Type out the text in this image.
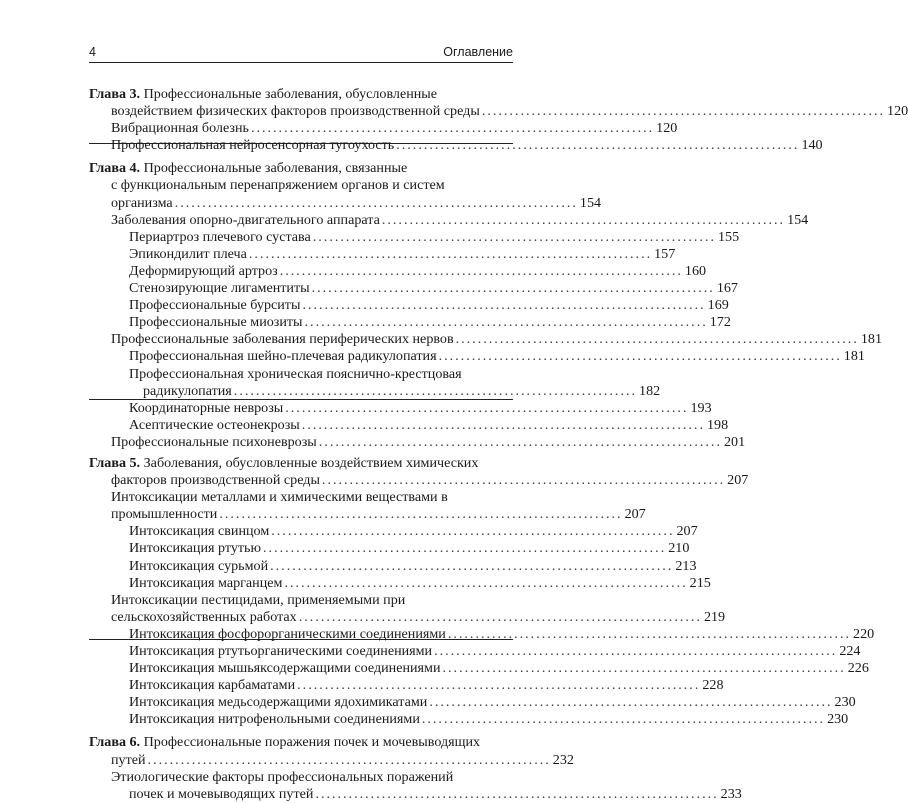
4	Оглавление
Глава 3. Профессиональные заболевания, обусловленные
воздействием физических факторов производственной среды ......................................................................... 120
Вибрационная болезнь ......................................................................... 120
Профессиональная нейросенсорная тугоухость ......................................................................... 140
Глава 4. Профессиональные заболевания, связанные
с функциональным перенапряжением органов и систем
организма ......................................................................... 154
Заболевания опорно-двигательного аппарата ......................................................................... 154
Периартроз плечевого сустава ......................................................................... 155
Эпикондилит плеча ......................................................................... 157
Деформирующий артроз ......................................................................... 160
Стенозирующие лигаментиты ......................................................................... 167
Профессиональные бурситы ......................................................................... 169
Профессиональные миозиты ......................................................................... 172
Профессиональные заболевания периферических нервов ......................................................................... 181
Профессиональная шейно-плечевая радикулопатия ......................................................................... 181
Профессиональная хроническая пояснично-крестцовая
радикулопатия ......................................................................... 182
Координаторные неврозы ......................................................................... 193
Асептические остеонекрозы ......................................................................... 198
Профессиональные психоневрозы ......................................................................... 201
Глава 5. Заболевания, обусловленные воздействием химических
факторов производственной среды ......................................................................... 207
Интоксикации металлами и химическими веществами в
промышленности ......................................................................... 207
Интоксикация свинцом ......................................................................... 207
Интоксикация ртутью ......................................................................... 210
Интоксикация сурьмой ......................................................................... 213
Интоксикация марганцем ......................................................................... 215
Интоксикации пестицидами, применяемыми при
сельскохозяйственных работах ......................................................................... 219
Интоксикация фосфорорганическими соединениями ......................................................................... 220
Интоксикация ртутьорганическими соединениями ......................................................................... 224
Интоксикация мышьяксодержащими соединениями ......................................................................... 226
Интоксикация карбаматами ......................................................................... 228
Интоксикация медьсодержащими ядохимикатами ......................................................................... 230
Интоксикация нитрофенольными соединениями ......................................................................... 230
Глава 6. Профессиональные поражения почек и мочевыводящих
путей ......................................................................... 232
Этиологические факторы профессиональных поражений
почек и мочевыводящих путей ......................................................................... 233
